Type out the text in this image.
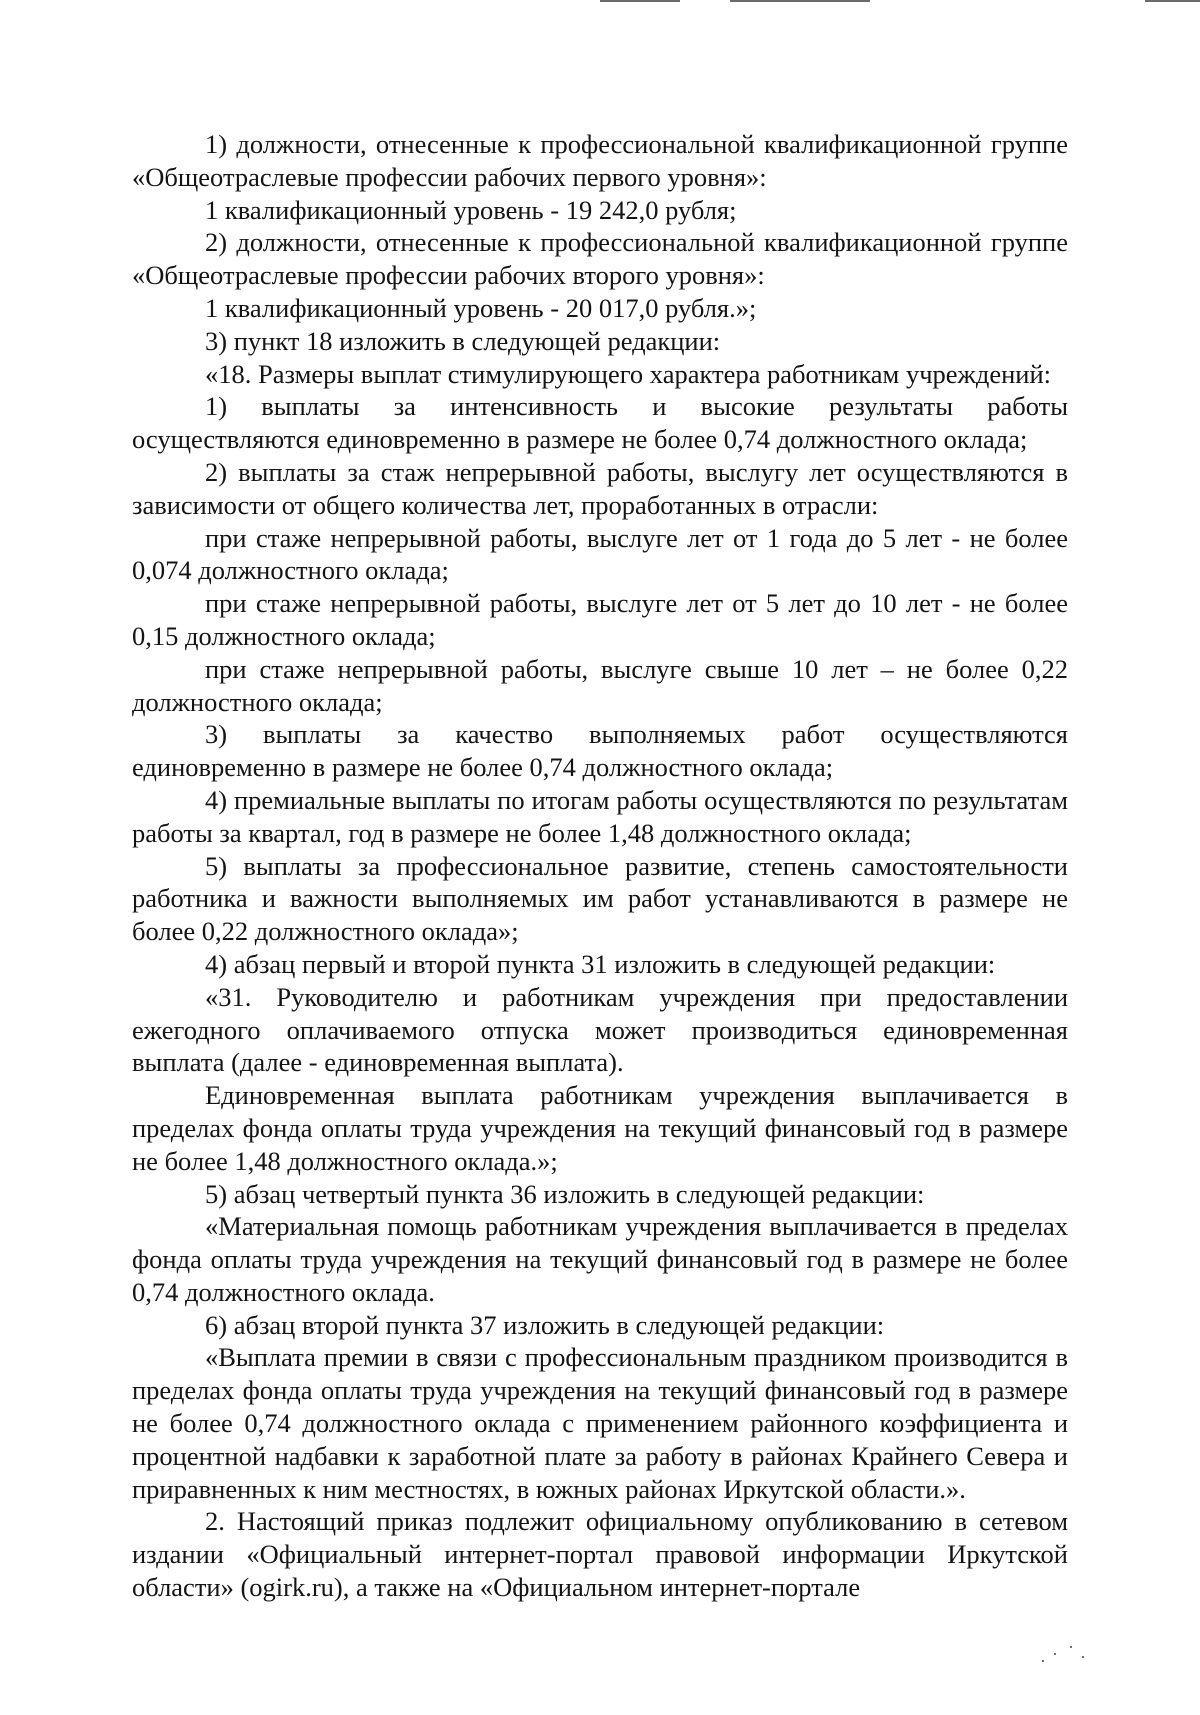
1) должности, отнесенные к профессиональной квалификационной группе «Общеотраслевые профессии рабочих первого уровня»:

1 квалификационный уровень - 19 242,0 рубля;

2) должности, отнесенные к профессиональной квалификационной группе «Общеотраслевые профессии рабочих второго уровня»:

1 квалификационный уровень - 20 017,0 рубля.»;

3) пункт 18 изложить в следующей редакции:

«18. Размеры выплат стимулирующего характера работникам учреждений:

1) выплаты за интенсивность и высокие результаты работы осуществляются единовременно в размере не более 0,74 должностного оклада;

2) выплаты за стаж непрерывной работы, выслугу лет осуществляются в зависимости от общего количества лет, проработанных в отрасли:

при стаже непрерывной работы, выслуге лет от 1 года до 5 лет - не более 0,074 должностного оклада;

при стаже непрерывной работы, выслуге лет от 5 лет до 10 лет - не более 0,15 должностного оклада;

при стаже непрерывной работы, выслуге свыше 10 лет – не более 0,22 должностного оклада;

3) выплаты за качество выполняемых работ осуществляются единовременно в размере не более 0,74 должностного оклада;

4) премиальные выплаты по итогам работы осуществляются по результатам работы за квартал, год в размере не более 1,48 должностного оклада;

5) выплаты за профессиональное развитие, степень самостоятельности работника и важности выполняемых им работ устанавливаются в размере не более 0,22 должностного оклада»;

4) абзац первый и второй пункта 31 изложить в следующей редакции:

«31. Руководителю и работникам учреждения при предоставлении ежегодного оплачиваемого отпуска может производиться единовременная выплата (далее - единовременная выплата).

Единовременная выплата работникам учреждения выплачивается в пределах фонда оплаты труда учреждения на текущий финансовый год в размере не более 1,48 должностного оклада.»;

5) абзац четвертый пункта 36 изложить в следующей редакции:

«Материальная помощь работникам учреждения выплачивается в пределах фонда оплаты труда учреждения на текущий финансовый год в размере не более 0,74 должностного оклада.

6) абзац второй пункта 37 изложить в следующей редакции:

«Выплата премии в связи с профессиональным праздником производится в пределах фонда оплаты труда учреждения на текущий финансовый год в размере не более 0,74 должностного оклада с применением районного коэффициента и процентной надбавки к заработной плате за работу в районах Крайнего Севера и приравненных к ним местностях, в южных районах Иркутской области.».

2. Настоящий приказ подлежит официальному опубликованию в сетевом издании «Официальный интернет-портал правовой информации Иркутской области» (ogirk.ru), а также на «Официальном интернет-портале
